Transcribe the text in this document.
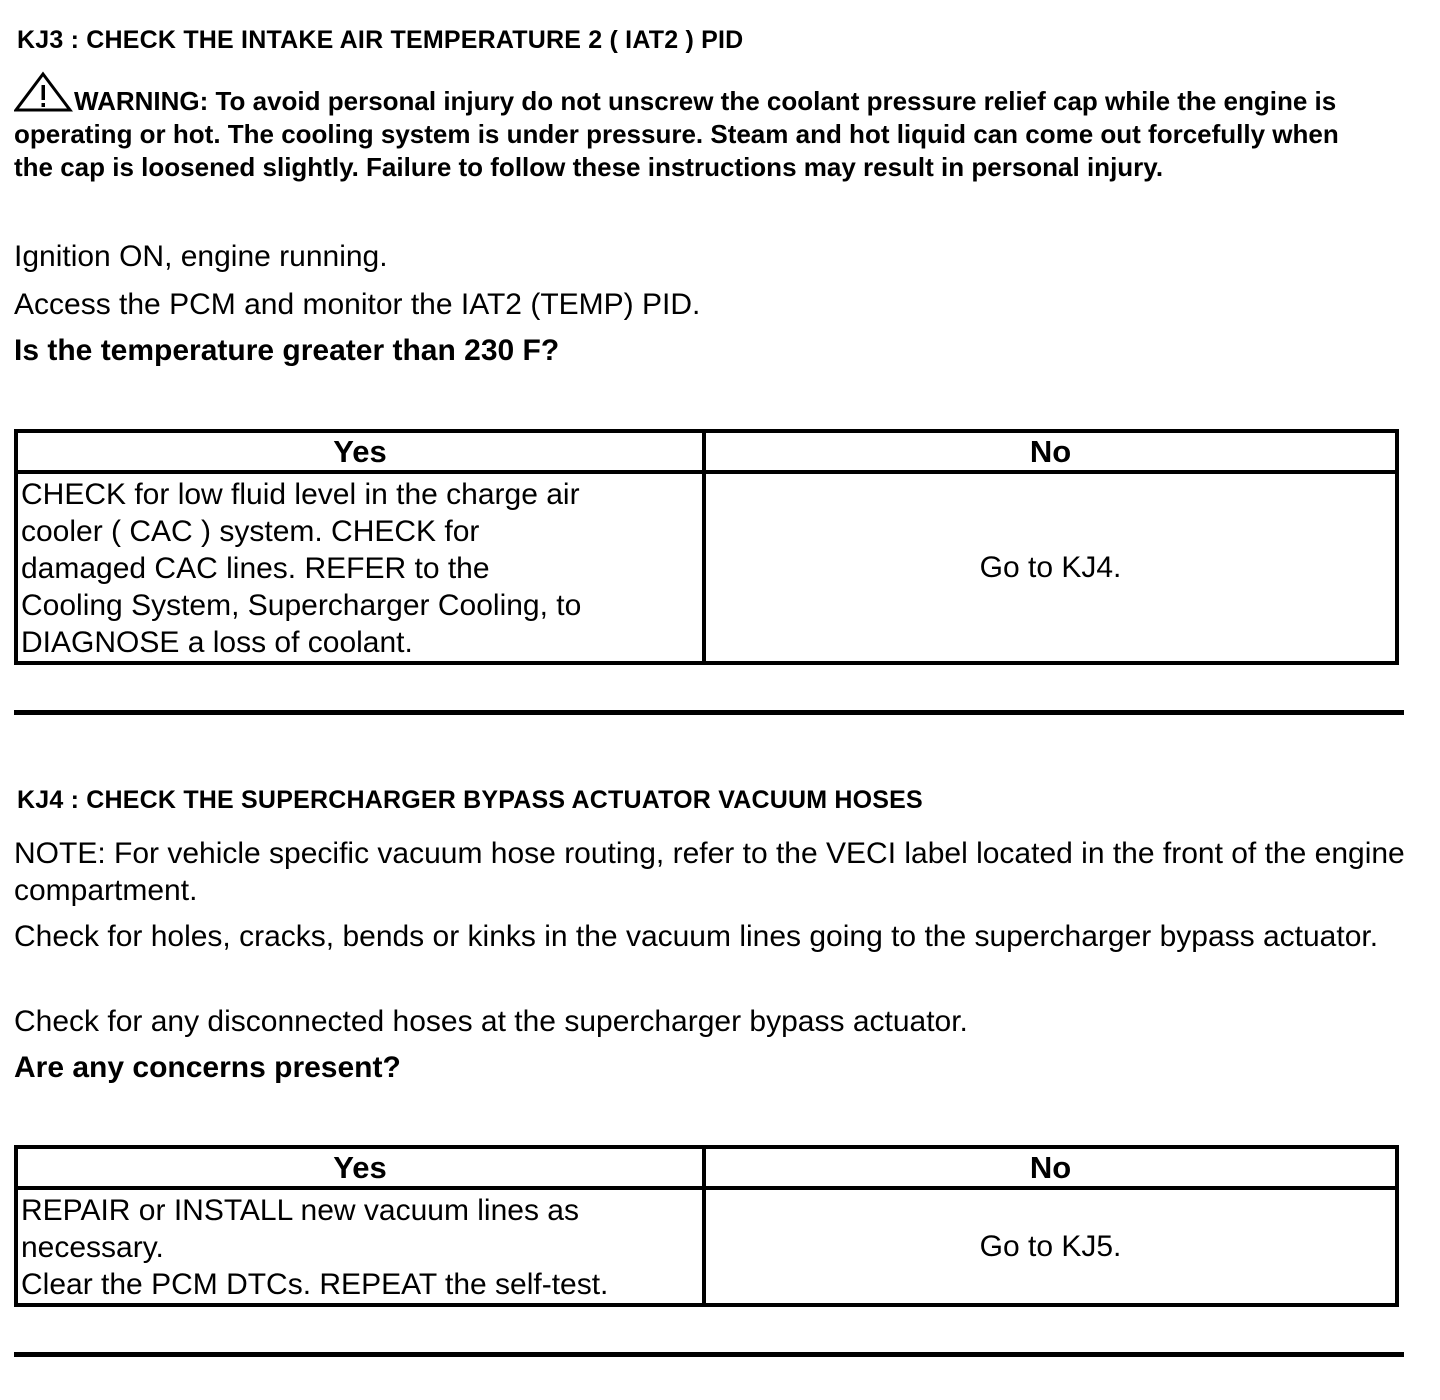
KJ3 : CHECK THE INTAKE AIR TEMPERATURE 2 ( IAT2 ) PID
WARNING: To avoid personal injury do not unscrew the coolant pressure relief cap while the engine is operating or hot. The cooling system is under pressure. Steam and hot liquid can come out forcefully when the cap is loosened slightly. Failure to follow these instructions may result in personal injury.
Ignition ON, engine running.
Access the PCM and monitor the IAT2 (TEMP) PID.
Is the temperature greater than 230 F?
Yes	No

CHECK for low fluid level in the charge air
cooler ( CAC ) system. CHECK for
damaged CAC lines. REFER to the
Cooling System, Supercharger Cooling, to
DIAGNOSE a loss of coolant.	Go to KJ4.
KJ4 : CHECK THE SUPERCHARGER BYPASS ACTUATOR VACUUM HOSES
NOTE: For vehicle specific vacuum hose routing, refer to the VECI label located in the front of the engine compartment.
Check for holes, cracks, bends or kinks in the vacuum lines going to the supercharger bypass actuator.
Check for any disconnected hoses at the supercharger bypass actuator.
Are any concerns present?
Yes	No

REPAIR or INSTALL new vacuum lines as
necessary.
Clear the PCM DTCs. REPEAT the self-test.	Go to KJ5.
